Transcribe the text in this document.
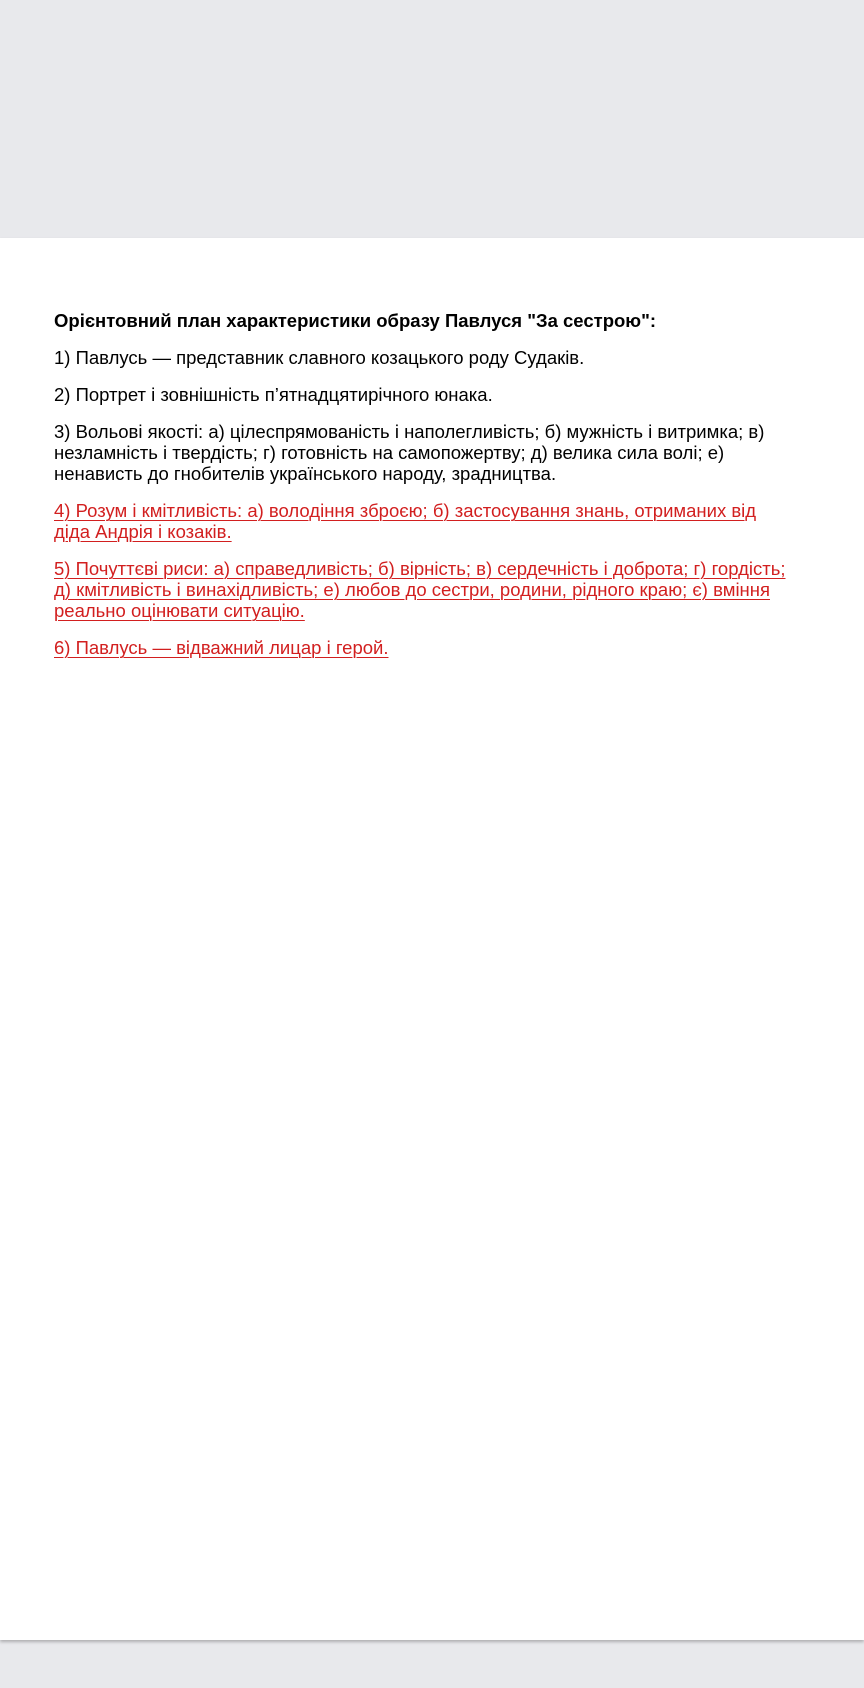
Орієнтовний план характеристики образу Павлуся "За сестрою":
1) Павлусь — представник славного козацького роду Судаків.
2) Портрет і зовнішність п’ятнадцятирічного юнака.
3) Вольові якості: а) цілеспрямованість і наполегливість; б) мужність і витримка; в)
незламність і твердість; г) готовність на самопожертву; д) велика сила волі; е)
ненависть до гнобителів українського народу, зрадництва.
4) Розум і кмітливість: а) володіння зброєю; б) застосування знань, отриманих від
діда Андрія і козаків.
5) Почуттєві риси: а) справедливість; б) вірність; в) сердечність і доброта; г) гордість;
д) кмітливість і винахідливість; е) любов до сестри, родини, рідного краю; є) вміння
реально оцінювати ситуацію.
6) Павлусь — відважний лицар і герой.
